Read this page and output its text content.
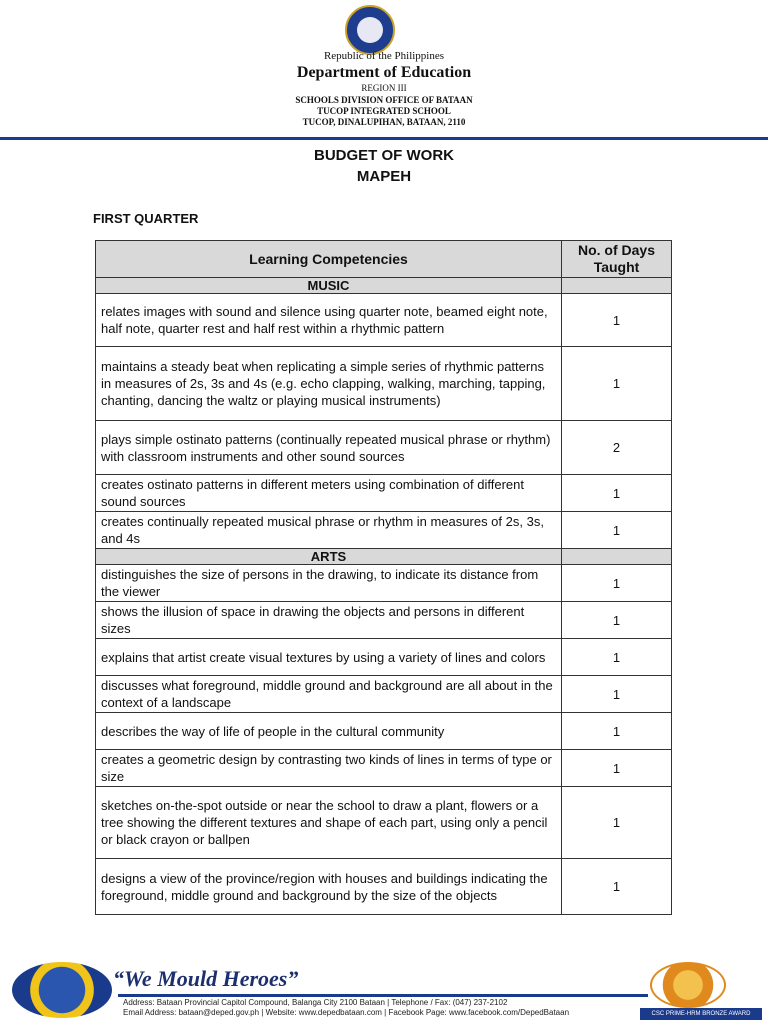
Republic of the Philippines
Department of Education
REGION III
SCHOOLS DIVISION OFFICE OF BATAAN
TUCOP INTEGRATED SCHOOL
TUCOP, DINALUPIHAN, BATAAN, 2110
BUDGET OF WORK
MAPEH
FIRST QUARTER
Learning Competencies	No. of Days Taught
MUSIC	
relates images with sound and silence using quarter note, beamed eight note, half note, quarter rest and half rest within a rhythmic pattern	1
maintains a steady beat when replicating a simple series of rhythmic patterns in measures of 2s, 3s and 4s (e.g. echo clapping, walking, marching, tapping, chanting, dancing the waltz or playing musical instruments)	1
plays simple ostinato patterns (continually repeated musical phrase or rhythm) with classroom instruments and other sound sources	2
creates ostinato patterns in different meters using combination of different sound sources	1
creates continually repeated musical phrase or rhythm in measures of 2s, 3s, and 4s	1
ARTS	
distinguishes the size of persons in the drawing, to indicate its distance from the viewer	1
shows the illusion of space in drawing the objects and persons in different sizes	1
explains that artist create visual textures by using a variety of lines and colors	1
discusses what foreground, middle ground and background are all about in the context of a landscape	1
describes the way of life of people in the cultural community	1
creates a geometric design by contrasting two kinds of lines in terms of type or size	1
sketches on-the-spot outside or near the school to draw a plant, flowers or a tree showing the different textures and shape of each part, using only a pencil or black crayon or ballpen	1
designs a view of the province/region with houses and buildings indicating the foreground, middle ground and background by the size of the objects	1
“We Mould Heroes”
Address: Bataan Provincial Capitol Compound, Balanga City 2100 Bataan | Telephone / Fax: (047) 237-2102
Email Address: bataan@deped.gov.ph | Website: www.depedbataan.com | Facebook Page: www.facebook.com/DepedBataan	CSC PRIME-HRM BRONZE AWARD
